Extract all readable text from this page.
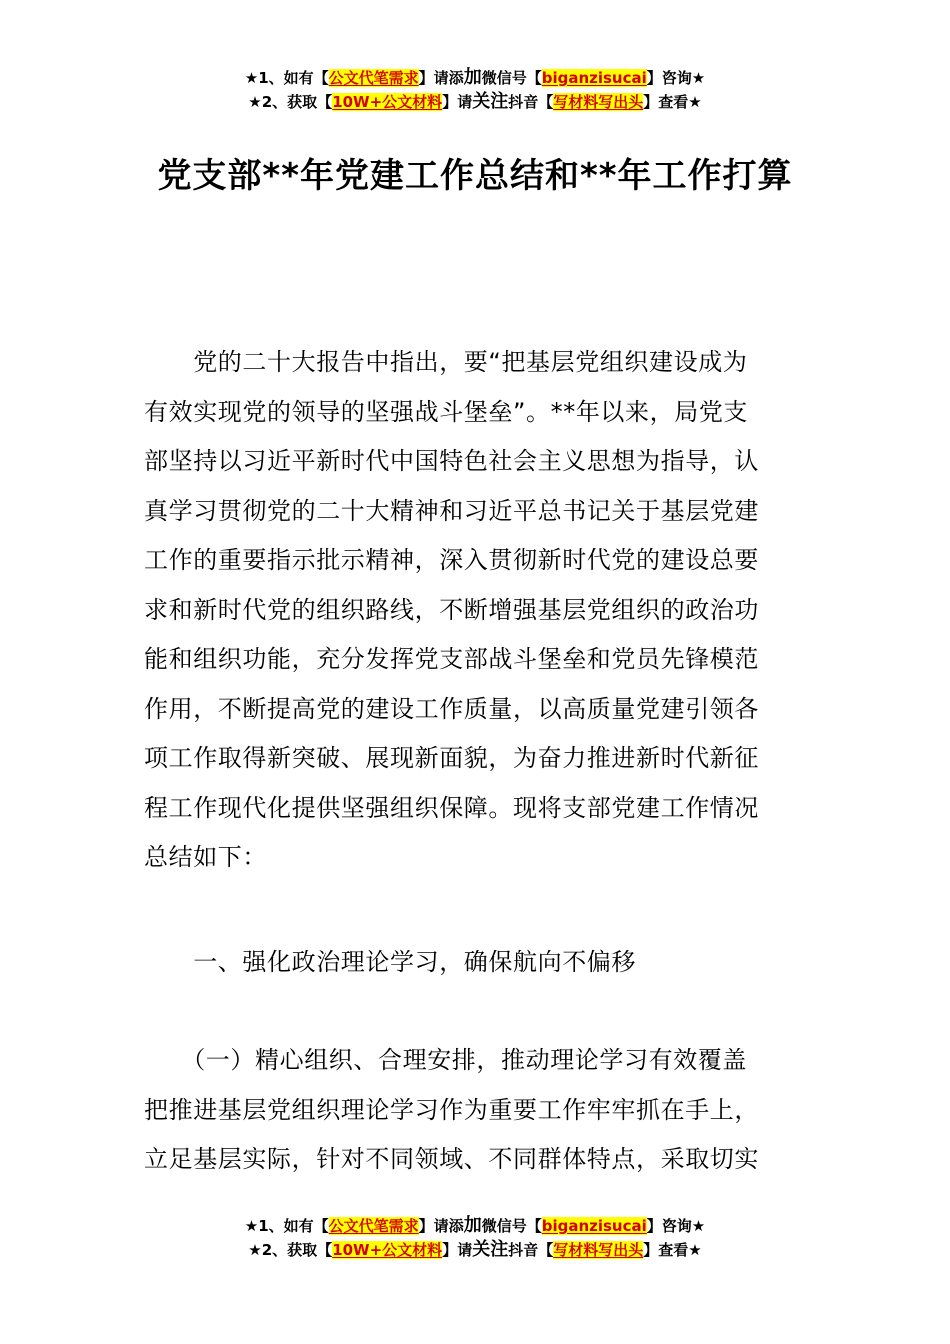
★1、如有【公文代笔需求】请添加微信号【biganzisucai】咨询★
★2、获取【10W+公文材料】请关注抖音【写材料写出头】查看★
党支部**年党建工作总结和**年工作打算
　　党的二十大报告中指出，要“把基层党组织建设成为
有效实现党的领导的坚强战斗堡垒”。**年以来，局党支
部坚持以习近平新时代中国特色社会主义思想为指导，认
真学习贯彻党的二十大精神和习近平总书记关于基层党建
工作的重要指示批示精神，深入贯彻新时代党的建设总要
求和新时代党的组织路线，不断增强基层党组织的政治功
能和组织功能，充分发挥党支部战斗堡垒和党员先锋模范
作用，不断提高党的建设工作质量，以高质量党建引领各
项工作取得新突破、展现新面貌，为奋力推进新时代新征
程工作现代化提供坚强组织保障。现将支部党建工作情况
总结如下：
　　一、强化政治理论学习，确保航向不偏移
　　（一）精心组织、合理安排，推动理论学习有效覆盖
把推进基层党组织理论学习作为重要工作牢牢抓在手上，
立足基层实际，针对不同领域、不同群体特点，采取切实
★1、如有【公文代笔需求】请添加微信号【biganzisucai】咨询★
★2、获取【10W+公文材料】请关注抖音【写材料写出头】查看★
